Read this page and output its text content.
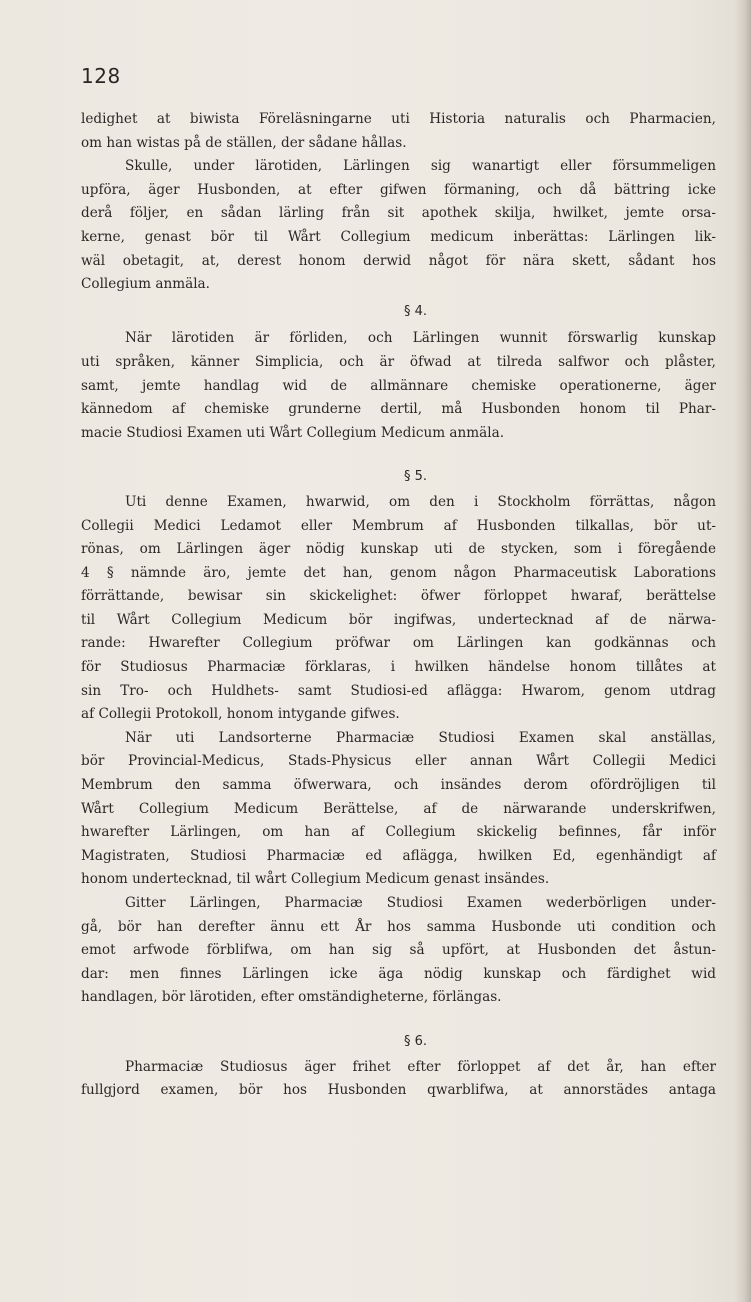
128
ledighet at biwista Föreläsningarne uti Historia naturalis och Pharmacien,
om han wistas på de ställen, der sådane hållas.
Skulle, under lärotiden, Lärlingen sig wanartigt eller försummeligen
upföra, äger Husbonden, at efter gifwen förmaning, och då bättring icke
derå följer, en sådan lärling från sit apothek skilja, hwilket, jemte orsa-
kerne, genast bör til Wårt Collegium medicum inberättas: Lärlingen lik-
wäl obetagit, at, derest honom derwid något för nära skett, sådant hos
Collegium anmäla.
§ 4.
När lärotiden är förliden, och Lärlingen wunnit förswarlig kunskap
uti språken, känner Simplicia, och är öfwad at tilreda salfwor och plåster,
samt, jemte handlag wid de allmännare chemiske operationerne, äger
kännedom af chemiske grunderne dertil, må Husbonden honom til Phar-
macie Studiosi Examen uti Wårt Collegium Medicum anmäla.
§ 5.
Uti denne Examen, hwarwid, om den i Stockholm förrättas, någon
Collegii Medici Ledamot eller Membrum af Husbonden tilkallas, bör ut-
rönas, om Lärlingen äger nödig kunskap uti de stycken, som i föregående
4 § nämnde äro, jemte det han, genom någon Pharmaceutisk Laborations
förrättande, bewisar sin skickelighet: öfwer förloppet hwaraf, berättelse
til Wårt Collegium Medicum bör ingifwas, undertecknad af de närwa-
rande: Hwarefter Collegium pröfwar om Lärlingen kan godkännas och
för Studiosus Pharmaciæ förklaras, i hwilken händelse honom tillåtes at
sin Tro- och Huldhets- samt Studiosi-ed aflägga: Hwarom, genom utdrag
af Collegii Protokoll, honom intygande gifwes.
När uti Landsorterne Pharmaciæ Studiosi Examen skal anställas,
bör Provincial-Medicus, Stads-Physicus eller annan Wårt Collegii Medici
Membrum den samma öfwerwara, och insändes derom ofördröjligen til
Wårt Collegium Medicum Berättelse, af de närwarande underskrifwen,
hwarefter Lärlingen, om han af Collegium skickelig befinnes, får inför
Magistraten, Studiosi Pharmaciæ ed aflägga, hwilken Ed, egenhändigt af
honom undertecknad, til wårt Collegium Medicum genast insändes.
Gitter Lärlingen, Pharmaciæ Studiosi Examen wederbörligen under-
gå, bör han derefter ännu ett År hos samma Husbonde uti condition och
emot arfwode förblifwa, om han sig så upfört, at Husbonden det åstun-
dar: men finnes Lärlingen icke äga nödig kunskap och färdighet wid
handlagen, bör lärotiden, efter omständigheterne, förlängas.
§ 6.
Pharmaciæ Studiosus äger frihet efter förloppet af det år, han efter
fullgjord examen, bör hos Husbonden qwarblifwa, at annorstädes antaga
